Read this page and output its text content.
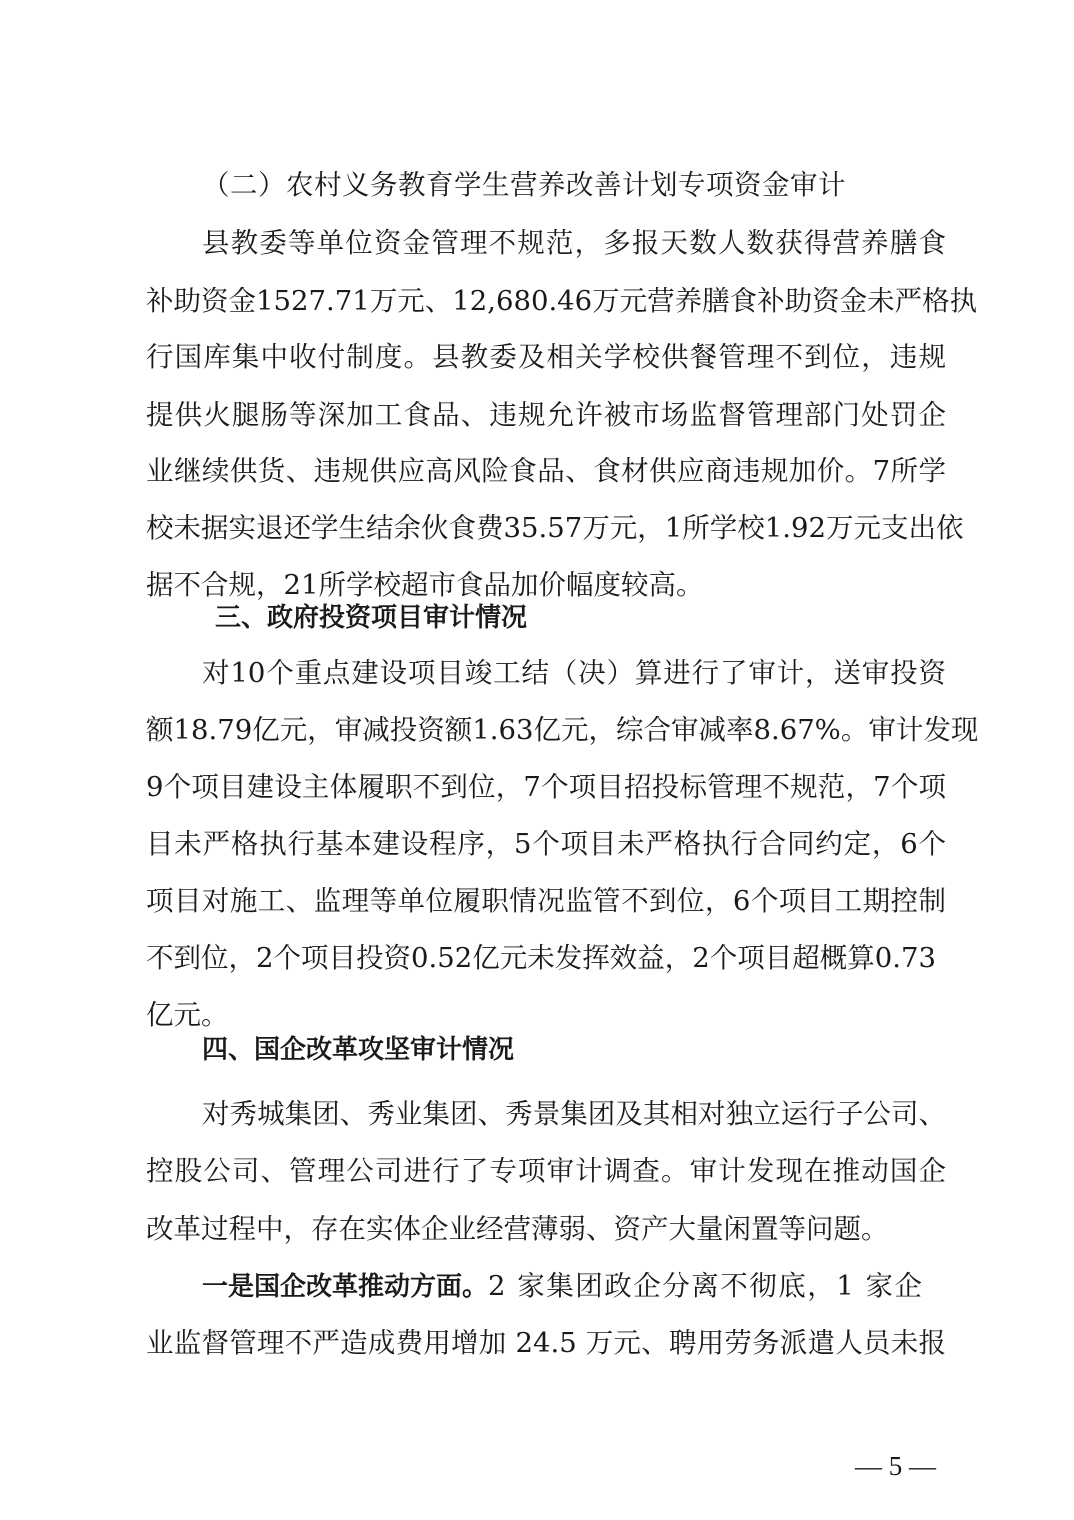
（二）农村义务教育学生营养改善计划专项资金审计
县教委等单位资金管理不规范，多报天数人数获得营养膳食
补助资金1527.71万元、12,680.46万元营养膳食补助资金未严格执
行国库集中收付制度。县教委及相关学校供餐管理不到位，违规
提供火腿肠等深加工食品、违规允许被市场监督管理部门处罚企
业继续供货、违规供应高风险食品、食材供应商违规加价。7所学
校未据实退还学生结余伙食费35.57万元，1所学校1.92万元支出依
据不合规，21所学校超市食品加价幅度较高。
三、政府投资项目审计情况
对10个重点建设项目竣工结（决）算进行了审计，送审投资
额18.79亿元，审减投资额1.63亿元，综合审减率8.67%。审计发现
9个项目建设主体履职不到位，7个项目招投标管理不规范，7个项
目未严格执行基本建设程序，5个项目未严格执行合同约定，6个
项目对施工、监理等单位履职情况监管不到位，6个项目工期控制
不到位，2个项目投资0.52亿元未发挥效益，2个项目超概算0.73
亿元。
四、国企改革攻坚审计情况
对秀城集团、秀业集团、秀景集团及其相对独立运行子公司、
控股公司、管理公司进行了专项审计调查。审计发现在推动国企
改革过程中，存在实体企业经营薄弱、资产大量闲置等问题。
一是国企改革推动方面。2 家集团政企分离不彻底，1 家企
业监督管理不严造成费用增加 24.5 万元、聘用劳务派遣人员未报
— 5 —
